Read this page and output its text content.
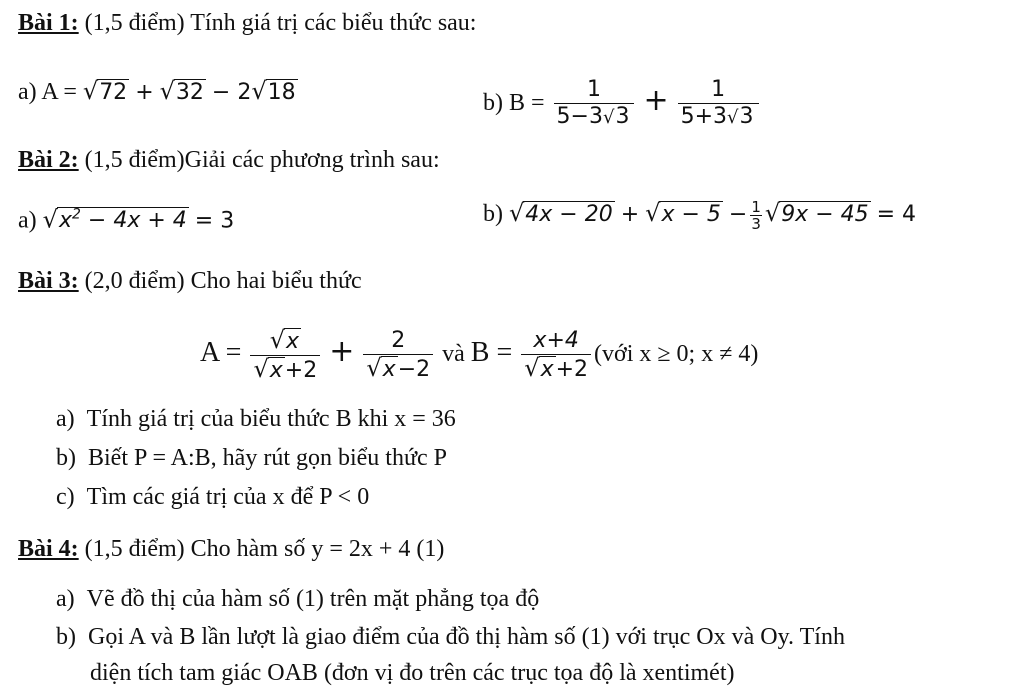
Bài 1: (1,5 điểm) Tính giá trị các biểu thức sau:
a) A = √72 + √32 − 2√18	b) $B = \frac{1}{5-3√3} + \frac{1}{5+3√3}$
Bài 2: (1,5 điểm)Giải các phương trình sau:
a) $√x^2 - 4x + 4 = 3$	b) $√4x - 20 + √x - 5 - \frac{1}{3} √9x - 45 = 4$
Bài 3: (2,0 điểm) Cho hai biểu thức
$A = \frac{√x}{√x+2} + \frac{2}{√x-2}$ và $B = \frac{x+4}{√x+2}$ (với x ≥ 0; x ≠ 4)
a) Tính giá trị của biểu thức B khi x = 36
b) Biết P = A:B, hãy rút gọn biểu thức P
c) Tìm các giá trị của x để P < 0
Bài 4: (1,5 điểm) Cho hàm số y = 2x + 4 (1)
a) Vẽ đồ thị của hàm số (1) trên mặt phẳng tọa độ
b) Gọi A và B lần lượt là giao điểm của đồ thị hàm số (1) với trục Ox và Oy. Tính
diện tích tam giác OAB (đơn vị đo trên các trục tọa độ là xentimét)
